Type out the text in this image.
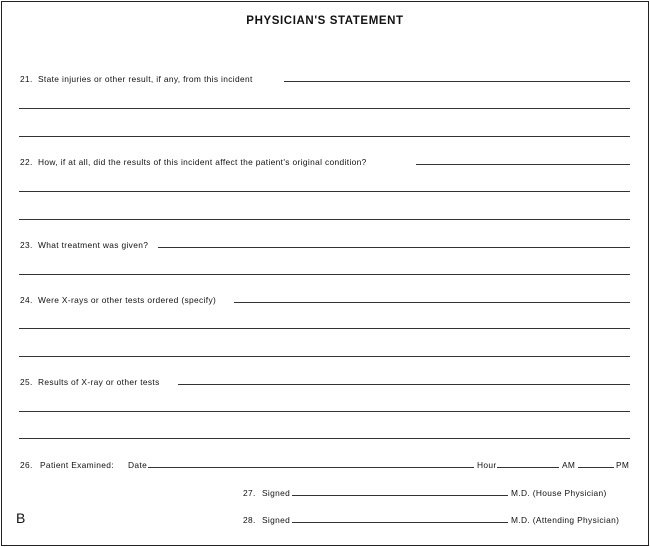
PHYSICIAN'S STATEMENT
21. State injuries or other result, if any, from this incident
22. How, if at all, did the results of this incident affect the patient's original condition?
23. What treatment was given?
24. Were X-rays or other tests ordered (specify)
25. Results of X-ray or other tests
26. Patient Examined: Date	Hour	AM	PM
27. Signed	M.D. (House Physician)
28. Signed	M.D. (Attending Physician)
B
